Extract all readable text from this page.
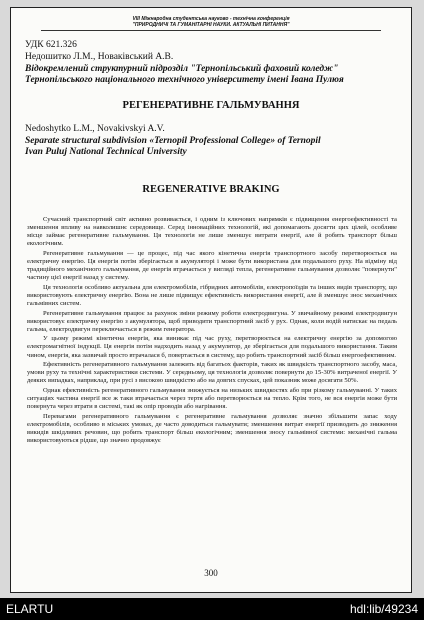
VIII Міжнародна студентська науково - технічна конференція
"ПРИРОДНИЧІ ТА ГУМАНІТАРНІ НАУКИ. АКТУАЛЬНІ ПИТАННЯ"
УДК 621.326
Недошитко Л.М., Новаківський А.В.
Відокремлений структурний підрозділ "Тернопільський фаховий коледж"
Тернопільського національного технічного університету імені Івана Пулюя
РЕГЕНЕРАТИВНЕ ГАЛЬМУВАННЯ
Nedoshytko L.M., Novakivskyi A.V.
Separate structural subdivision «Ternopil Professional College» of Ternopil
Ivan Puluj National Technical University
REGENERATIVE BRAKING

Сучасний транспортний світ активно розвивається, і одним із ключових напрямків є підвищення енергоефективності та зменшення впливу на навколишнє середовище. Серед інноваційних технологій, які допомагають досягти цих цілей, особливе місце займає регенеративне гальмування. Ця технологія не лише зменшує витрати енергії, але й робить транспорт більш екологічним.

Регенеративне гальмування — це процес, під час якого кінетична енергія транспортного засобу перетворюється на електричну енергію. Ця енергія потім зберігається в акумуляторі і може бути використана для подальшого руху. На відміну від традиційного механічного гальмування, де енергія втрачається у вигляді тепла, регенеративне гальмування дозволяє "повернути" частину цієї енергії назад у систему.

Ця технологія особливо актуальна для електромобілів, гібридних автомобілів, електропоїздів та інших видів транспорту, що використовують електричну енергію. Вона не лише підвищує ефективність використання енергії, але й зменшує знос механічних гальмівних систем.

Регенеративне гальмування працює за рахунок зміни режиму роботи електродвигуна. У звичайному режимі електродвигун використовує електричну енергію з акумулятора, щоб приводити транспортний засіб у рух. Однак, коли водій натискає на педаль гальма, електродвигун переключається в режим генератора.

У цьому режимі кінетична енергія, яка виникає під час руху, перетворюється на електричну енергію за допомогою електромагнітної індукції. Ця енергія потім надходить назад у акумулятор, де зберігається для подальшого використання. Таким чином, енергія, яка зазвичай просто втрачалася б, повертається в систему, що робить транспортний засіб більш енергоефективним.

Ефективність регенеративного гальмування залежить від багатьох факторів, таких як швидкість транспортного засобу, маса, умови руху та технічні характеристики системи. У середньому, ця технологія дозволяє повернути до 15-30% витраченої енергії. У деяких випадках, наприклад, при русі з високою швидкістю або на довгих спусках, цей показник може досягати 50%.

Однак ефективність регенеративного гальмування знижується на низьких швидкостях або при різкому гальмуванні. У таких ситуаціях частина енергії все ж таки втрачається через тертя або перетворюється на тепло. Крім того, не вся енергія може бути повернута через втрати в системі, такі як опір проводів або нагрівання.

Перевагами регенеративного гальмування є регенеративне гальмування дозволяє значно збільшити запас ходу електромобілів, особливо в міських умовах, де часто доводиться гальмувати; зменшення витрат енергії призводить до зниження викидів шкідливих речовин, що робить транспорт більш екологічним; зменшення зносу гальмівної системи: механічні гальма використовуються рідше, що значно продовжує

300
ELARTU	hdl:lib/49234
